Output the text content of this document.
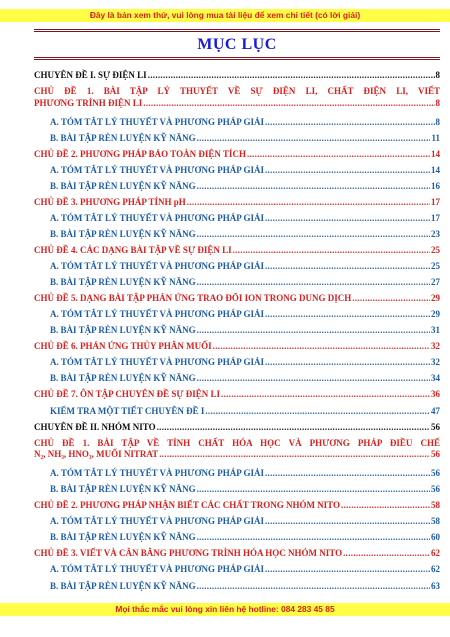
Đây là bản xem thử, vui lòng mua tài liệu để xem chi tiết (có lời giải)
MỤC LỤC
CHUYÊN ĐỀ I. SỰ ĐIỆN LI .....	8
CHỦ ĐỀ 1. BÀI TẬP LÝ THUYẾT VỀ SỰ ĐIỆN LI, CHẤT ĐIỆN LI, VIẾT
PHƯƠNG TRÌNH ĐIỆN LI .....	8
A. TÓM TẮT LÝ THUYẾT VÀ PHƯƠNG PHÁP GIẢI .....	8
B. BÀI TẬP RÈN LUYỆN KỸ NĂNG .....	11
CHỦ ĐỀ 2. PHƯƠNG PHÁP BẢO TOÀN ĐIỆN TÍCH .....	14
A. TÓM TẮT LÝ THUYẾT VÀ PHƯƠNG PHÁP GIẢI .....	14
B. BÀI TẬP RÈN LUYỆN KỸ NĂNG .....	16
CHỦ ĐỀ 3. PHƯƠNG PHÁP TÍNH pH .....	17
A. TÓM TẮT LÝ THUYẾT VÀ PHƯƠNG PHÁP GIẢI .....	17
B. BÀI TẬP RÈN LUYỆN KỸ NĂNG .....	23
CHỦ ĐỀ 4. CÁC DẠNG BÀI TẬP VỀ SỰ ĐIỆN LI .....	25
A. TÓM TẮT LÝ THUYẾT VÀ PHƯƠNG PHÁP GIẢI .....	25
B. BÀI TẬP RÈN LUYỆN KỸ NĂNG .....	27
CHỦ ĐỀ 5. DẠNG BÀI TẬP PHẢN ỨNG TRAO ĐỔI ION TRONG DUNG DỊCH .....	29
A. TÓM TẮT LÝ THUYẾT VÀ PHƯƠNG PHÁP GIẢI .....	29
B. BÀI TẬP RÈN LUYỆN KỸ NĂNG .....	31
CHỦ ĐỀ 6. PHẢN ỨNG THỦY PHÂN MUỐI .....	32
A. TÓM TẮT LÝ THUYẾT VÀ PHƯƠNG PHÁP GIẢI .....	32
B. BÀI TẬP RÈN LUYỆN KỸ NĂNG .....	34
CHỦ ĐỀ 7. ÔN TẬP CHUYÊN ĐỀ SỰ ĐIỆN LI .....	36
KIỂM TRA MỘT TIẾT CHUYÊN ĐỀ I .....	47
CHUYÊN ĐỀ II. NHÓM NITO .....	56
CHỦ ĐỀ 1. BÀI TẬP VỀ TÍNH CHẤT HÓA HỌC VÀ PHƯƠNG PHÁP ĐIỀU CHẾ
N₂, NH₃, HNO₃, MUỐI NITRAT .....	56
A. TÓM TẮT LÝ THUYẾT VÀ PHƯƠNG PHÁP GIẢI .....	56
B. BÀI TẬP RÈN LUYỆN KỸ NĂNG .....	56
CHỦ ĐỀ 2. PHƯƠNG PHÁP NHẬN BIẾT CÁC CHẤT TRONG NHÓM NITO .....	58
A. TÓM TẮT LÝ THUYẾT VÀ PHƯƠNG PHÁP GIẢI .....	58
B. BÀI TẬP RÈN LUYỆN KỸ NĂNG .....	60
CHỦ ĐỀ 3. VIẾT VÀ CÂN BẰNG PHƯƠNG TRÌNH HÓA HỌC NHÓM NITO .....	62
A. TÓM TẮT LÝ THUYẾT VÀ PHƯƠNG PHÁP GIẢI .....	62
B. BÀI TẬP RÈN LUYỆN KỸ NĂNG .....	63
Mọi thắc mắc vui lòng xin liên hệ hotline: 084 283 45 85
